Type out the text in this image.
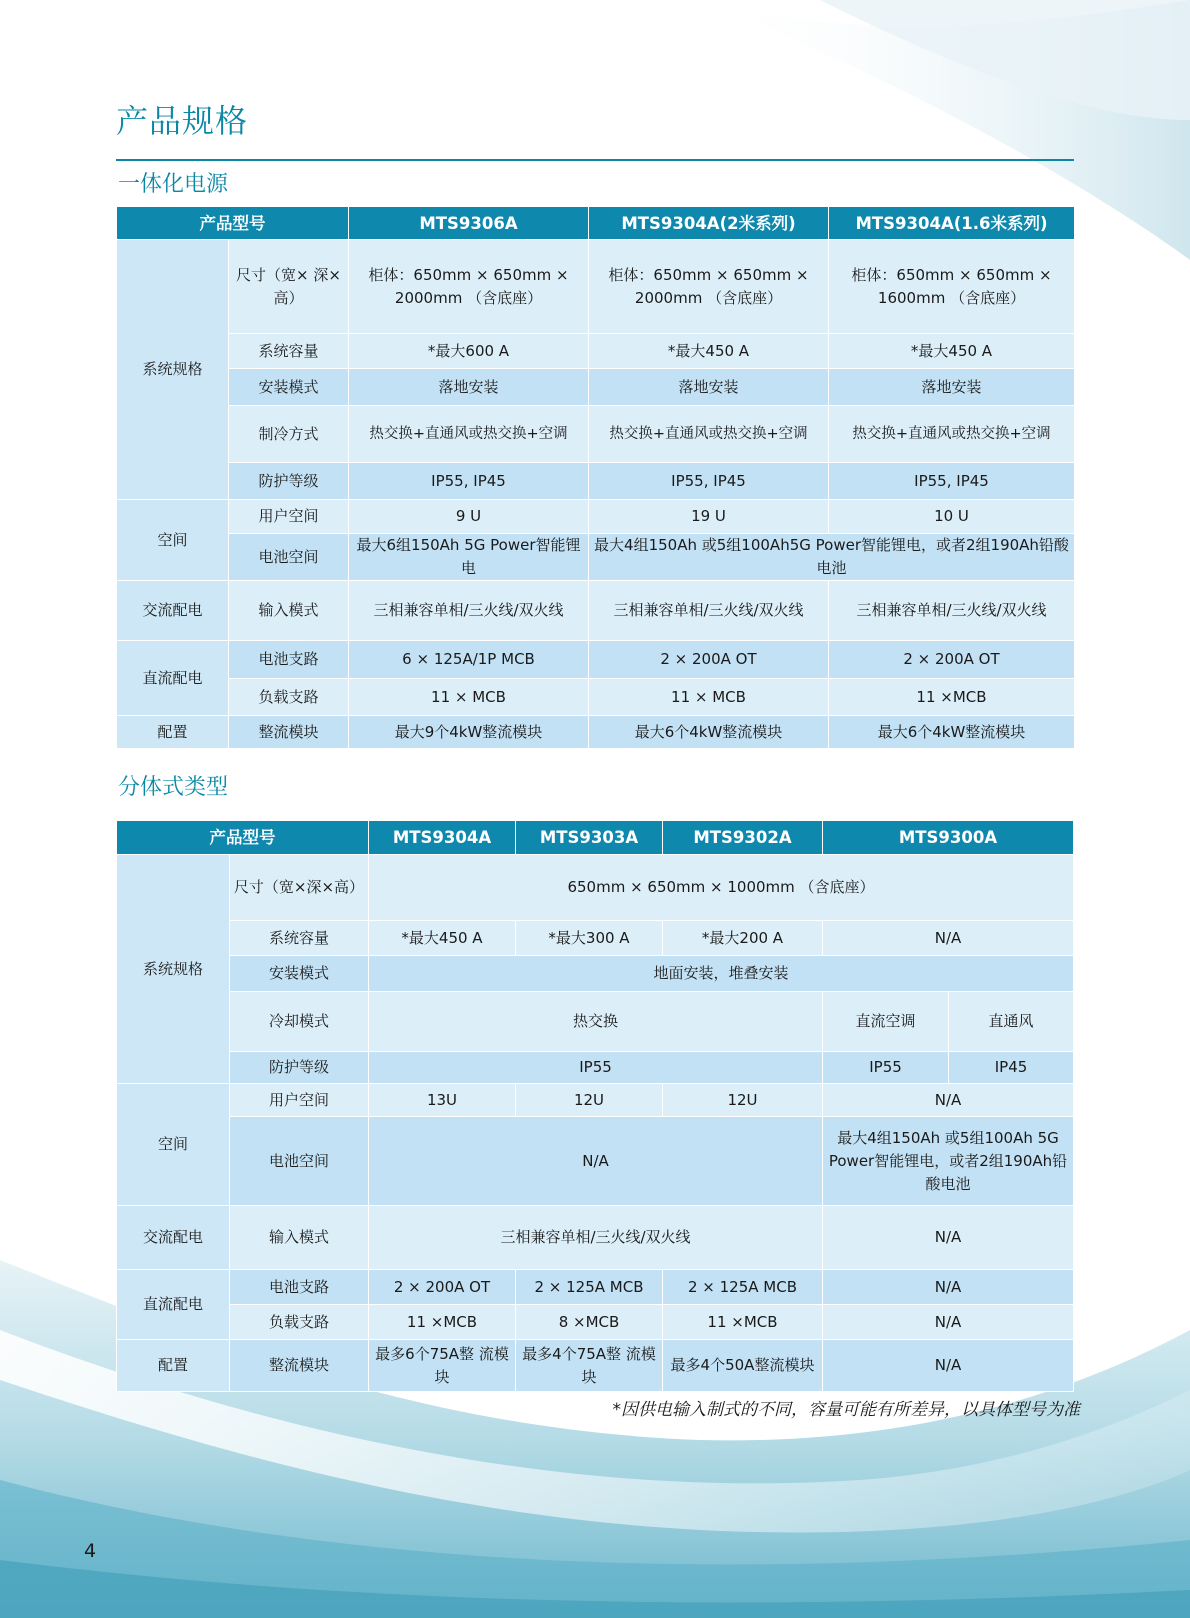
产品规格
一体化电源
产品型号		MTS9306A	MTS9304A(2米系列)	MTS9304A(1.6米系列)
系统规格	尺寸（宽× 深×高）	柜体：650mm × 650mm × 2000mm （含底座）	柜体：650mm × 650mm × 2000mm （含底座）	柜体：650mm × 650mm × 1600mm （含底座）
	系统容量	*最大600 A	*最大450 A	*最大450 A
	安装模式	落地安装	落地安装	落地安装
	制冷方式	热交换+直通风或热交换+空调	热交换+直通风或热交换+空调	热交换+直通风或热交换+空调
	防护等级	IP55, IP45	IP55, IP45	IP55, IP45
空间	用户空间	9 U	19 U	10 U
	电池空间	最大6组150Ah 5G Power智能锂电	最大4组150Ah 或5组100Ah5G Power智能锂电，或者2组190Ah铅酸电池	
交流配电	输入模式	三相兼容单相/三火线/双火线	三相兼容单相/三火线/双火线	三相兼容单相/三火线/双火线
直流配电	电池支路	6 × 125A/1P MCB	2 × 200A OT	2 × 200A OT
	负载支路	11 × MCB	11 × MCB	11 ×MCB
配置	整流模块	最大9个4kW整流模块	最大6个4kW整流模块	最大6个4kW整流模块
分体式类型
产品型号		MTS9304A	MTS9303A	MTS9302A	MTS9300A	
系统规格	尺寸（宽×深×高）	650mm × 650mm × 1000mm （含底座）				
	系统容量	*最大450 A	*最大300 A	*最大200 A	N/A	
	安装模式	地面安装，堆叠安装				
	冷却模式	热交换			直流空调	直通风
	防护等级	IP55			IP55	IP45
空间	用户空间	13U	12U	12U	N/A	
	电池空间	N/A			最大4组150Ah 或5组100Ah 5G Power智能锂电，或者2组190Ah铅酸电池	
交流配电	输入模式	三相兼容单相/三火线/双火线			N/A	
直流配电	电池支路	2 × 200A OT	2 × 125A MCB	2 × 125A MCB	N/A	
	负载支路	11 ×MCB	8 ×MCB	11 ×MCB	N/A	
配置	整流模块	最多6个75A整 流模块	最多4个75A整 流模块	最多4个50A整流模块	N/A	
*因供电输入制式的不同，容量可能有所差异，以具体型号为准
4
